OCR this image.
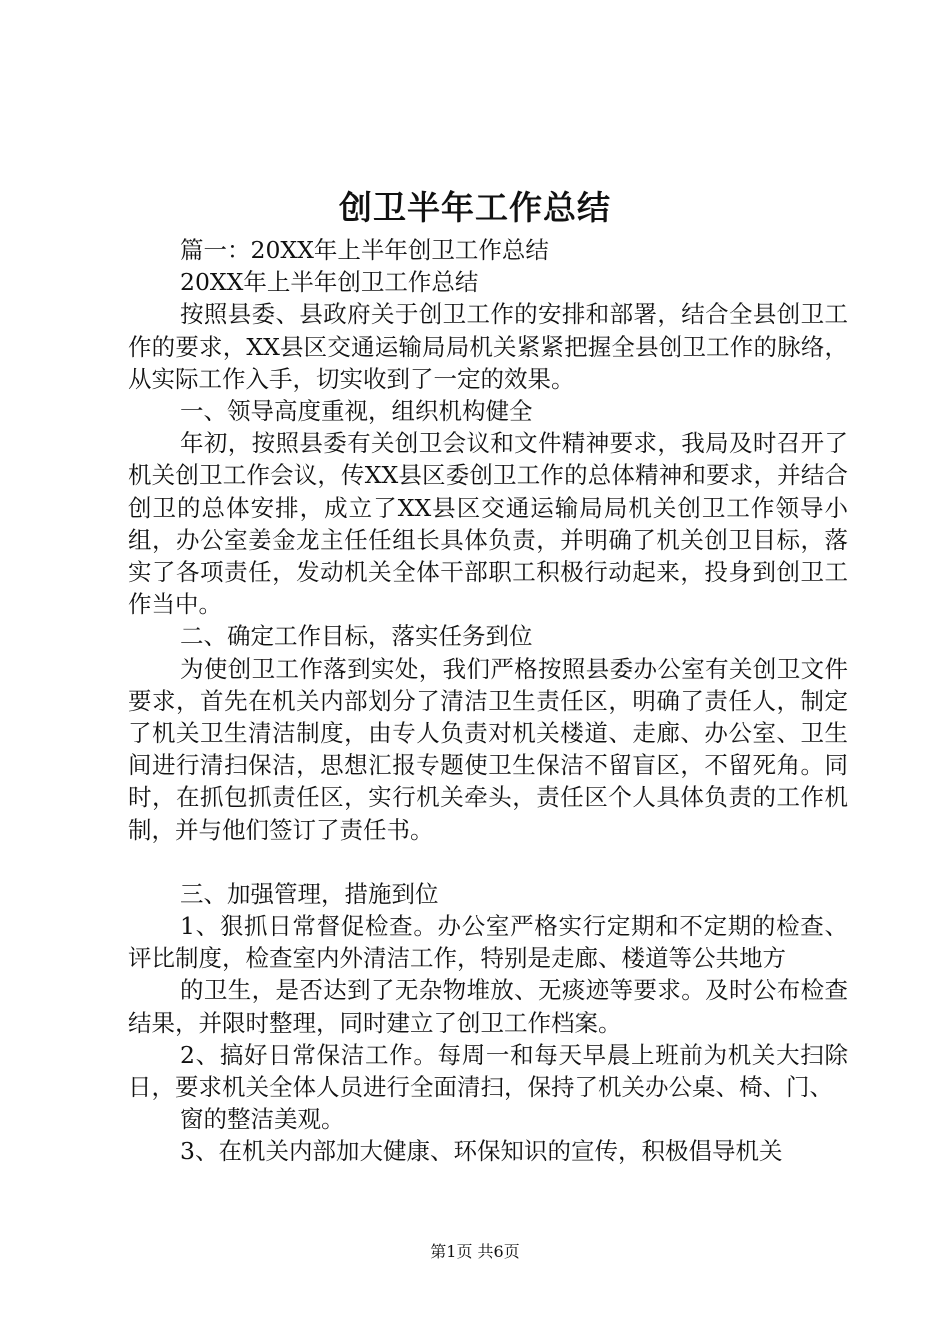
创卫半年工作总结

篇一：20XX年上半年创卫工作总结

20XX年上半年创卫工作总结

按照县委、县政府关于创卫工作的安排和部署，结合全县创卫工作的要求，XX县区交通运输局局机关紧紧把握全县创卫工作的脉络，从实际工作入手，切实收到了一定的效果。

一、领导高度重视，组织机构健全

年初，按照县委有关创卫会议和文件精神要求，我局及时召开了机关创卫工作会议，传XX县区委创卫工作的总体精神和要求，并结合创卫的总体安排，成立了XX县区交通运输局局机关创卫工作领导小组，办公室姜金龙主任任组长具体负责，并明确了机关创卫目标，落实了各项责任，发动机关全体干部职工积极行动起来，投身到创卫工作当中。

二、确定工作目标，落实任务到位

为使创卫工作落到实处，我们严格按照县委办公室有关创卫文件要求，首先在机关内部划分了清洁卫生责任区，明确了责任人，制定了机关卫生清洁制度，由专人负责对机关楼道、走廊、办公室、卫生间进行清扫保洁，思想汇报专题使卫生保洁不留盲区，不留死角。同时，在抓包抓责任区，实行机关牵头，责任区个人具体负责的工作机制，并与他们签订了责任书。

三、加强管理，措施到位

1、狠抓日常督促检查。办公室严格实行定期和不定期的检查、评比制度，检查室内外清洁工作，特别是走廊、楼道等公共地方

的卫生，是否达到了无杂物堆放、无痰迹等要求。及时公布检查结果，并限时整理，同时建立了创卫工作档案。

2、搞好日常保洁工作。每周一和每天早晨上班前为机关大扫除日，要求机关全体人员进行全面清扫，保持了机关办公桌、椅、门、

窗的整洁美观。

3、在机关内部加大健康、环保知识的宣传，积极倡导机关

第1页 共6页
